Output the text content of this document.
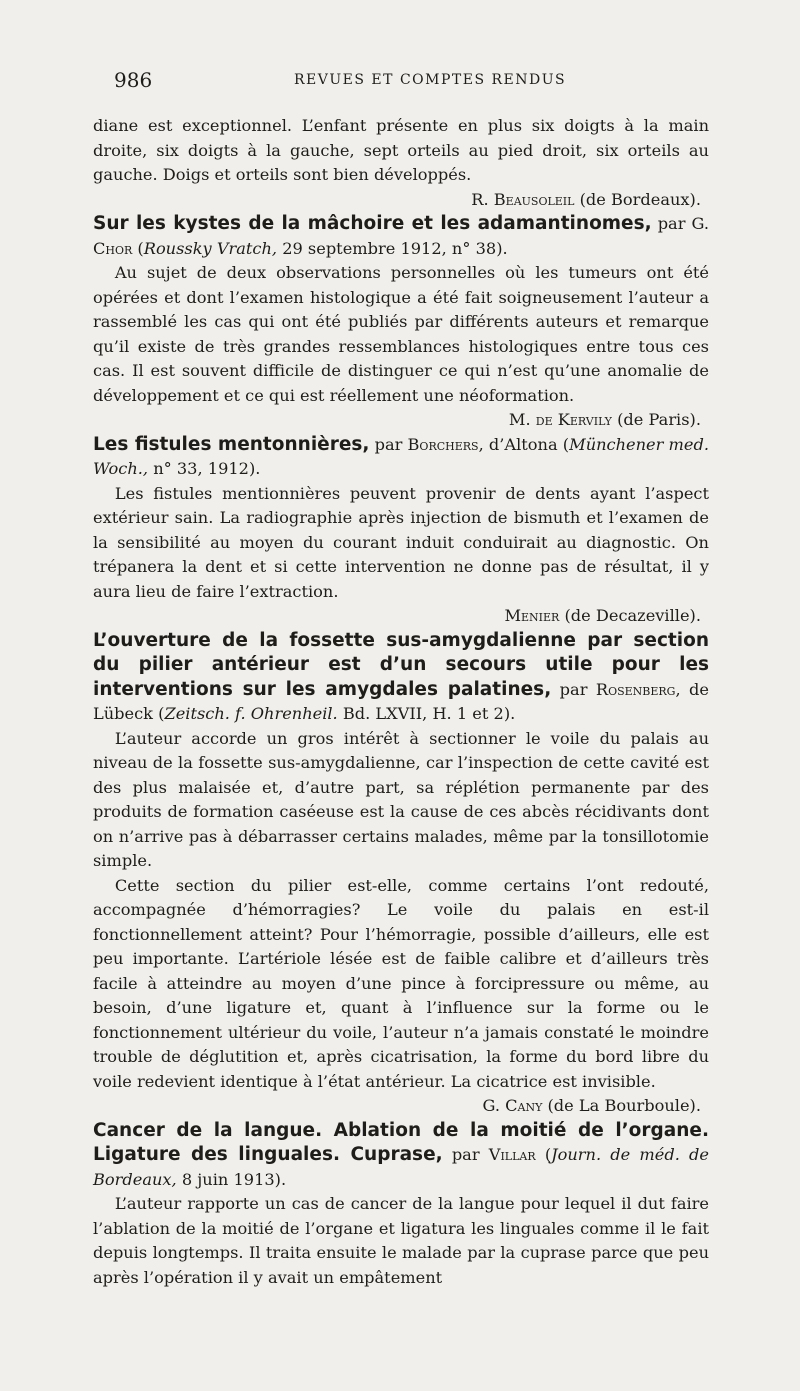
986	REVUES ET COMPTES RENDUS

diane est exceptionnel. L’enfant présente en plus six doigts à la main droite, six doigts à la gauche, sept orteils au pied droit, six orteils au gauche. Doigs et orteils sont bien développés.

R. Beausoleil (de Bordeaux).

Sur les kystes de la mâchoire et les adamantinomes, par G. Chor (Roussky Vratch, 29 septembre 1912, n° 38).

Au sujet de deux observations personnelles où les tumeurs ont été opérées et dont l’examen histologique a été fait soigneusement l’auteur a rassemblé les cas qui ont été publiés par différents auteurs et remarque qu’il existe de très grandes ressemblances histologiques entre tous ces cas. Il est souvent difficile de distinguer ce qui n’est qu’une anomalie de développement et ce qui est réellement une néoformation.

M. de Kervily (de Paris).

Les fistules mentonnières, par Borchers, d’Altona (Münchener med. Woch., n° 33, 1912).

Les fistules mentionnières peuvent provenir de dents ayant l’aspect extérieur sain. La radiographie après injection de bismuth et l’examen de la sensibilité au moyen du courant induit conduirait au diagnostic. On trépanera la dent et si cette intervention ne donne pas de résultat, il y aura lieu de faire l’extraction.

Menier (de Decazeville).

L’ouverture de la fossette sus-amygdalienne par section du pilier antérieur est d’un secours utile pour les interventions sur les amygdales palatines, par Rosenberg, de Lübeck (Zeitsch. f. Ohrenheil. Bd. LXVII, H. 1 et 2).

L’auteur accorde un gros intérêt à sectionner le voile du palais au niveau de la fossette sus-amygdalienne, car l’inspection de cette cavité est des plus malaisée et, d’autre part, sa réplétion permanente par des produits de formation caséeuse est la cause de ces abcès récidivants dont on n’arrive pas à débarrasser certains malades, même par la tonsillotomie simple.

Cette section du pilier est-elle, comme certains l’ont redouté, accompagnée d’hémorragies? Le voile du palais en est-il fonctionnellement atteint? Pour l’hémorragie, possible d’ailleurs, elle est peu importante. L’artériole lésée est de faible calibre et d’ailleurs très facile à atteindre au moyen d’une pince à forcipressure ou même, au besoin, d’une ligature et, quant à l’influence sur la forme ou le fonctionnement ultérieur du voile, l’auteur n’a jamais constaté le moindre trouble de déglutition et, après cicatrisation, la forme du bord libre du voile redevient identique à l’état antérieur. La cicatrice est invisible.

G. Cany (de La Bourboule).

Cancer de la langue. Ablation de la moitié de l’organe. Ligature des linguales. Cuprase, par Villar (Journ. de méd. de Bordeaux, 8 juin 1913).

L’auteur rapporte un cas de cancer de la langue pour lequel il dut faire l’ablation de la moitié de l’organe et ligatura les linguales comme il le fait depuis longtemps. Il traita ensuite le malade par la cuprase parce que peu après l’opération il y avait un empâtement
